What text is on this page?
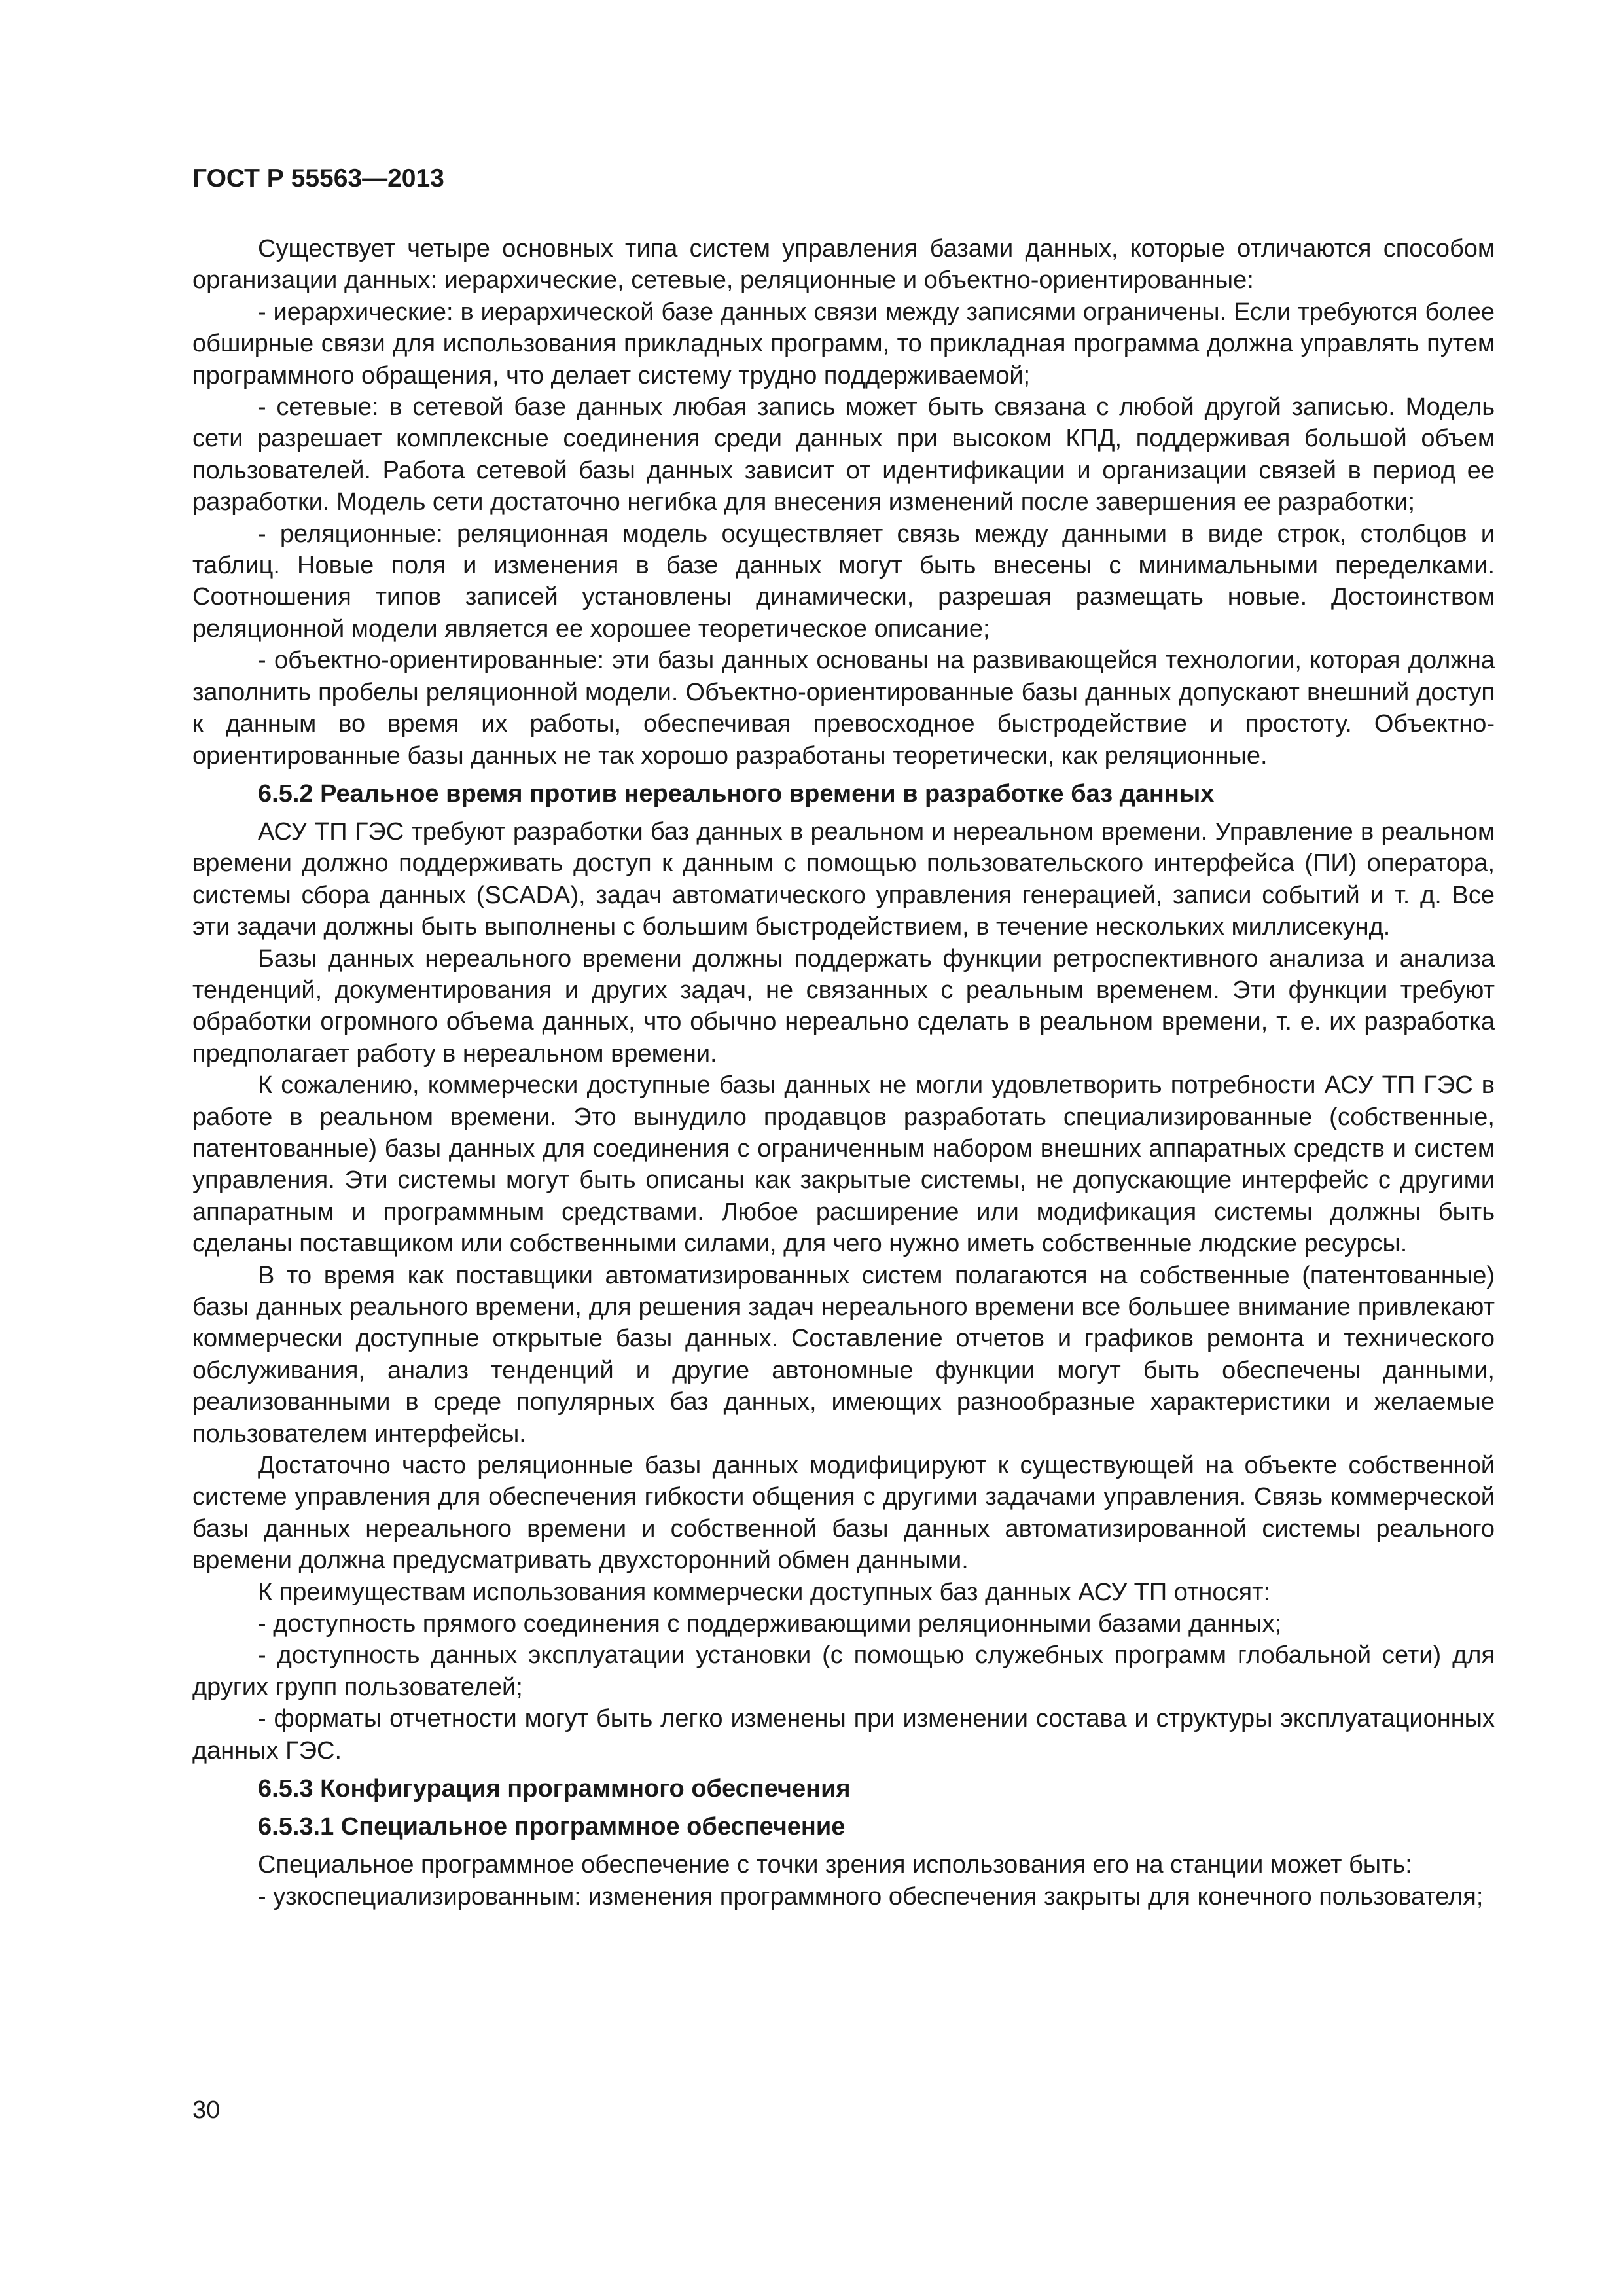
ГОСТ Р 55563—2013

Существует четыре основных типа систем управления базами данных, которые отличаются способом организации данных: иерархические, сетевые, реляционные и объектно-ориентированные:

- иерархические: в иерархической базе данных связи между записями ограничены. Если требуются более обширные связи для использования прикладных программ, то прикладная программа должна управлять путем программного обращения, что делает систему трудно поддерживаемой;

- сетевые: в сетевой базе данных любая запись может быть связана с любой другой записью. Модель сети разрешает комплексные соединения среди данных при высоком КПД, поддерживая большой объем пользователей. Работа сетевой базы данных зависит от идентификации и организации связей в период ее разработки. Модель сети достаточно негибка для внесения изменений после завершения ее разработки;

- реляционные: реляционная модель осуществляет связь между данными в виде строк, столбцов и таблиц. Новые поля и изменения в базе данных могут быть внесены с минимальными переделками. Соотношения типов записей установлены динамически, разрешая размещать новые. Достоинством реляционной модели является ее хорошее теоретическое описание;

- объектно-ориентированные: эти базы данных основаны на развивающейся технологии, которая должна заполнить пробелы реляционной модели. Объектно-ориентированные базы данных допускают внешний доступ к данным во время их работы, обеспечивая превосходное быстродействие и простоту. Объектно-ориентированные базы данных не так хорошо разработаны теоретически, как реляционные.

6.5.2 Реальное время против нереального времени в разработке баз данных

АСУ ТП ГЭС требуют разработки баз данных в реальном и нереальном времени. Управление в реальном времени должно поддерживать доступ к данным с помощью пользовательского интерфейса (ПИ) оператора, системы сбора данных (SCADA), задач автоматического управления генерацией, записи событий и т. д. Все эти задачи должны быть выполнены с большим быстродействием, в течение нескольких миллисекунд.

Базы данных нереального времени должны поддержать функции ретроспективного анализа и анализа тенденций, документирования и других задач, не связанных с реальным временем. Эти функции требуют обработки огромного объема данных, что обычно нереально сделать в реальном времени, т. е. их разработка предполагает работу в нереальном времени.

К сожалению, коммерчески доступные базы данных не могли удовлетворить потребности АСУ ТП ГЭС в работе в реальном времени. Это вынудило продавцов разработать специализированные (собственные, патентованные) базы данных для соединения с ограниченным набором внешних аппаратных средств и систем управления. Эти системы могут быть описаны как закрытые системы, не допускающие интерфейс с другими аппаратным и программным средствами. Любое расширение или модификация системы должны быть сделаны поставщиком или собственными силами, для чего нужно иметь собственные людские ресурсы.

В то время как поставщики автоматизированных систем полагаются на собственные (патентованные) базы данных реального времени, для решения задач нереального времени все большее внимание привлекают коммерчески доступные открытые базы данных. Составление отчетов и графиков ремонта и технического обслуживания, анализ тенденций и другие автономные функции могут быть обеспечены данными, реализованными в среде популярных баз данных, имеющих разнообразные характеристики и желаемые пользователем интерфейсы.

Достаточно часто реляционные базы данных модифицируют к существующей на объекте собственной системе управления для обеспечения гибкости общения с другими задачами управления. Связь коммерческой базы данных нереального времени и собственной базы данных автоматизированной системы реального времени должна предусматривать двухсторонний обмен данными.

К преимуществам использования коммерчески доступных баз данных АСУ ТП относят:

- доступность прямого соединения с поддерживающими реляционными базами данных;

- доступность данных эксплуатации установки (с помощью служебных программ глобальной сети) для других групп пользователей;

- форматы отчетности могут быть легко изменены при изменении состава и структуры эксплуатационных данных ГЭС.

6.5.3 Конфигурация программного обеспечения
6.5.3.1 Специальное программное обеспечение

Специальное программное обеспечение с точки зрения использования его на станции может быть:

- узкоспециализированным: изменения программного обеспечения закрыты для конечного пользователя;

30
